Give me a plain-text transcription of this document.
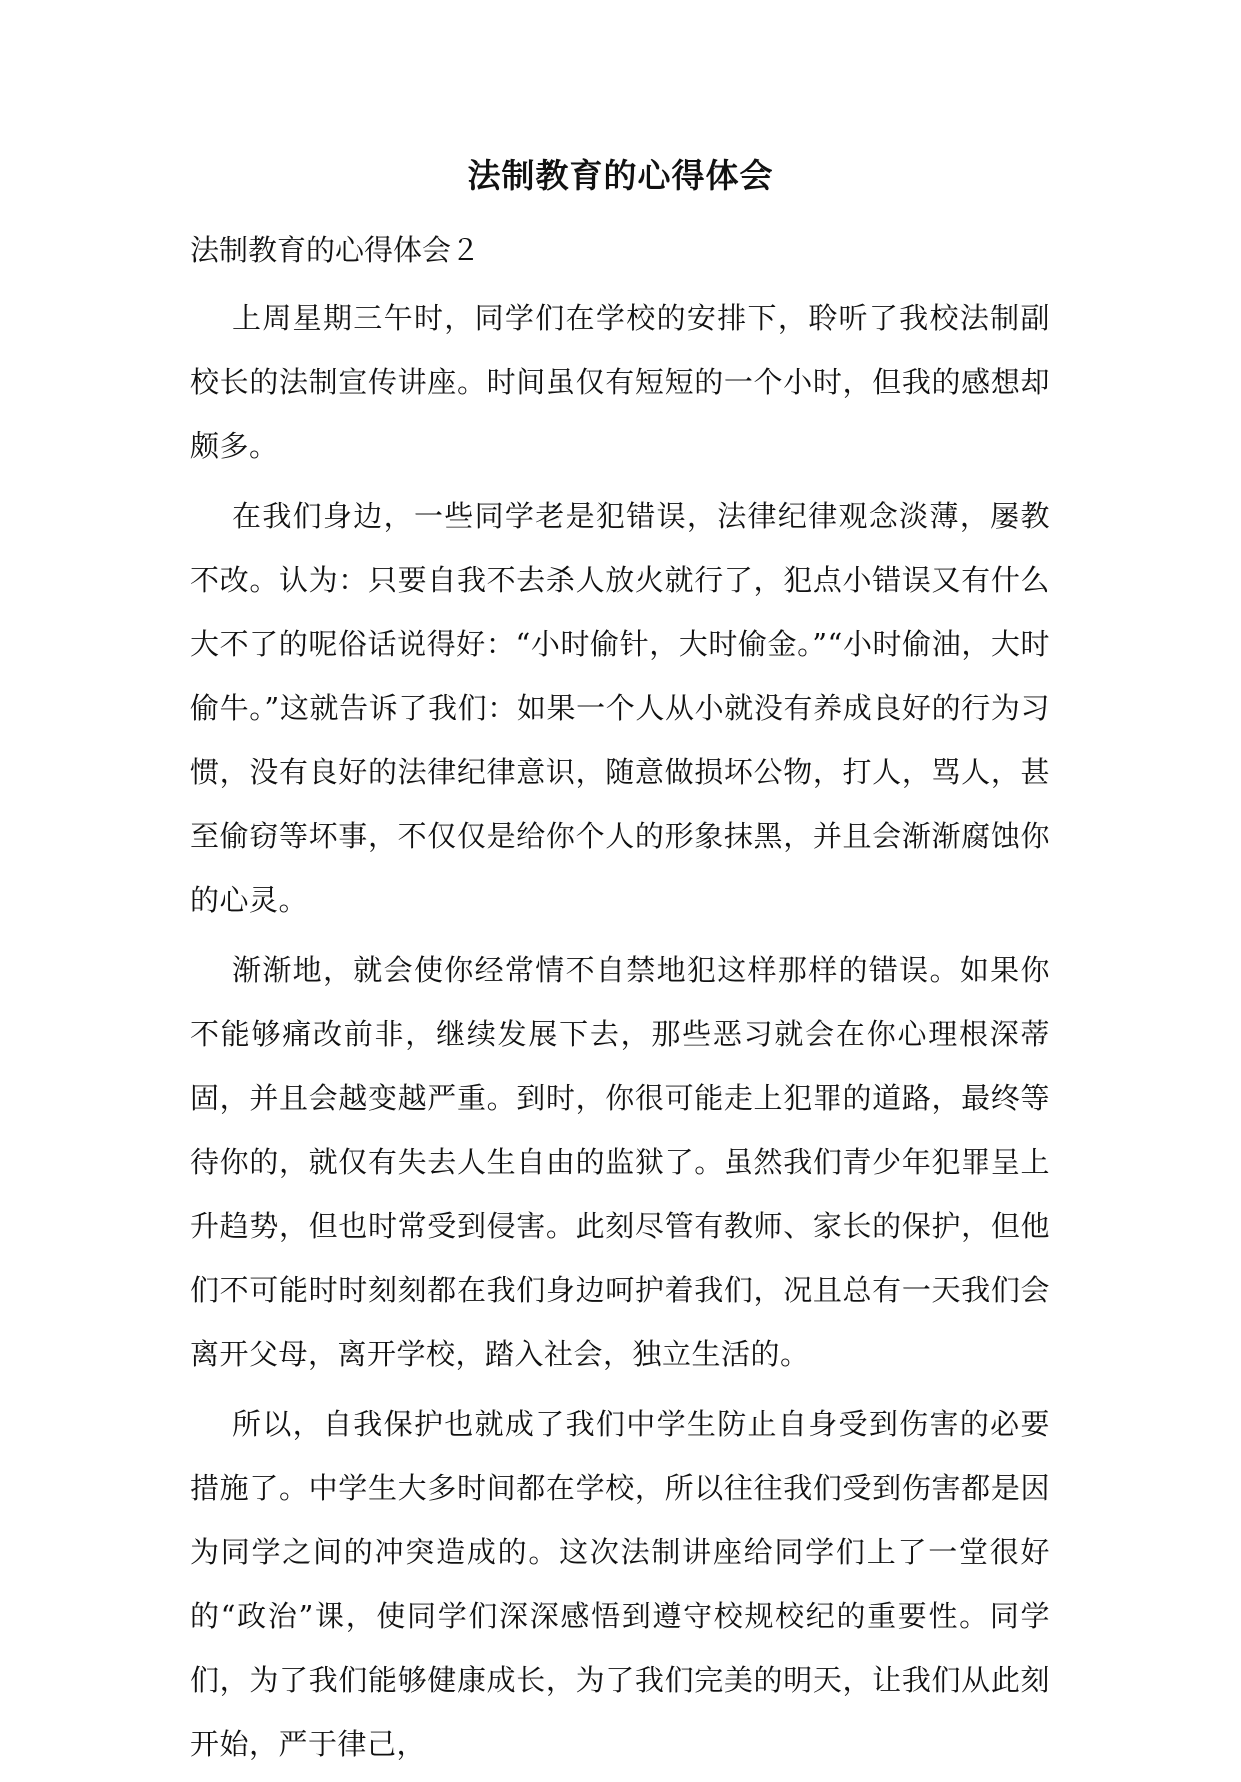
法制教育的心得体会
法制教育的心得体会２

上周星期三午时，同学们在学校的安排下，聆听了我校法制副校长的法制宣传讲座。时间虽仅有短短的一个小时，但我的感想却颇多。

在我们身边，一些同学老是犯错误，法律纪律观念淡薄，屡教不改。认为：只要自我不去杀人放火就行了，犯点小错误又有什么大不了的呢俗话说得好：“小时偷针，大时偷金。”“小时偷油，大时偷牛。”这就告诉了我们：如果一个人从小就没有养成良好的行为习惯，没有良好的法律纪律意识，随意做损坏公物，打人，骂人，甚至偷窃等坏事，不仅仅是给你个人的形象抹黑，并且会渐渐腐蚀你的心灵。

渐渐地，就会使你经常情不自禁地犯这样那样的错误。如果你不能够痛改前非，继续发展下去，那些恶习就会在你心理根深蒂固，并且会越变越严重。到时，你很可能走上犯罪的道路，最终等待你的，就仅有失去人生自由的监狱了。虽然我们青少年犯罪呈上升趋势，但也时常受到侵害。此刻尽管有教师、家长的保护，但他们不可能时时刻刻都在我们身边呵护着我们，况且总有一天我们会离开父母，离开学校，踏入社会，独立生活的。

所以，自我保护也就成了我们中学生防止自身受到伤害的必要措施了。中学生大多时间都在学校，所以往往我们受到伤害都是因为同学之间的冲突造成的。这次法制讲座给同学们上了一堂很好的“政治”课，使同学们深深感悟到遵守校规校纪的重要性。同学们，为了我们能够健康成长，为了我们完美的明天，让我们从此刻开始，严于律己，
